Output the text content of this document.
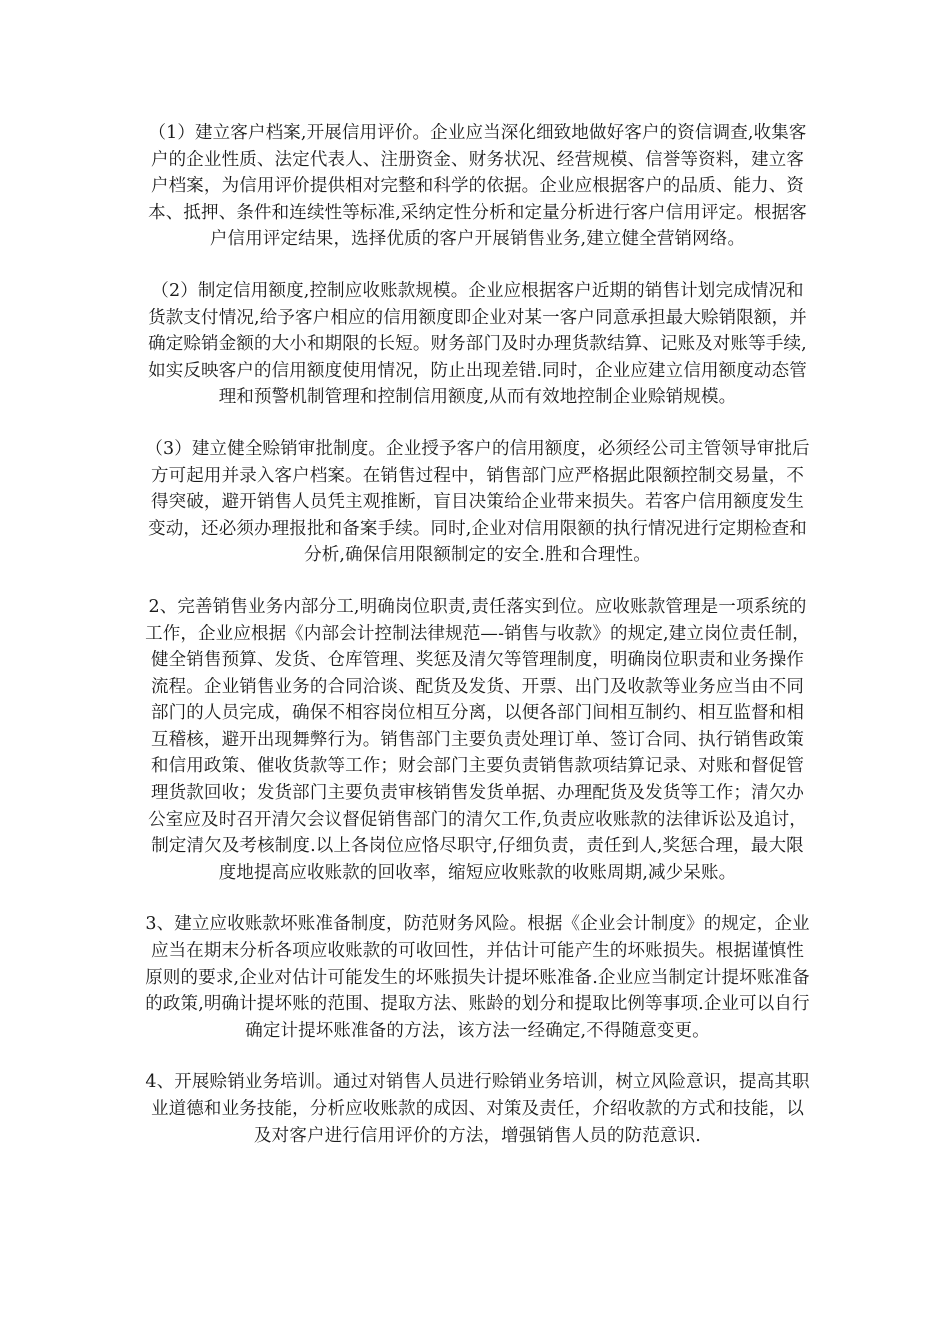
（1）建立客户档案,开展信用评价。企业应当深化细致地做好客户的资信调查,收集客户的企业性质、法定代表人、注册资金、财务状况、经营规模、信誉等资料，建立客户档案，为信用评价提供相对完整和科学的依据。企业应根据客户的品质、能力、资本、抵押、条件和连续性等标准,采纳定性分析和定量分析进行客户信用评定。根据客户信用评定结果，选择优质的客户开展销售业务,建立健全营销网络。

（2）制定信用额度,控制应收账款规模。企业应根据客户近期的销售计划完成情况和货款支付情况,给予客户相应的信用额度即企业对某一客户同意承担最大赊销限额，并确定赊销金额的大小和期限的长短。财务部门及时办理货款结算、记账及对账等手续,如实反映客户的信用额度使用情况，防止出现差错.同时，企业应建立信用额度动态管理和预警机制管理和控制信用额度,从而有效地控制企业赊销规模。

（3）建立健全赊销审批制度。企业授予客户的信用额度，必须经公司主管领导审批后方可起用并录入客户档案。在销售过程中，销售部门应严格据此限额控制交易量，不得突破，避开销售人员凭主观推断，盲目决策给企业带来损失。若客户信用额度发生变动，还必须办理报批和备案手续。同时,企业对信用限额的执行情况进行定期检查和分析,确保信用限额制定的安全.胜和合理性。

2、完善销售业务内部分工,明确岗位职责,责任落实到位。应收账款管理是一项系统的工作，企业应根据《内部会计控制法律规范—-销售与收款》的规定,建立岗位责任制，健全销售预算、发货、仓库管理、奖惩及清欠等管理制度，明确岗位职责和业务操作流程。企业销售业务的合同洽谈、配货及发货、开票、出门及收款等业务应当由不同部门的人员完成，确保不相容岗位相互分离，以便各部门间相互制约、相互监督和相互稽核，避开出现舞弊行为。销售部门主要负责处理订单、签订合同、执行销售政策和信用政策、催收货款等工作；财会部门主要负责销售款项结算记录、对账和督促管理货款回收；发货部门主要负责审核销售发货单据、办理配货及发货等工作；清欠办公室应及时召开清欠会议督促销售部门的清欠工作,负责应收账款的法律诉讼及追讨，制定清欠及考核制度.以上各岗位应恪尽职守,仔细负责，责任到人,奖惩合理，最大限度地提高应收账款的回收率，缩短应收账款的收账周期,减少呆账。

3、建立应收账款坏账准备制度，防范财务风险。根据《企业会计制度》的规定，企业应当在期末分析各项应收账款的可收回性，并估计可能产生的坏账损失。根据谨慎性原则的要求,企业对估计可能发生的坏账损失计提坏账准备.企业应当制定计提坏账准备的政策,明确计提坏账的范围、提取方法、账龄的划分和提取比例等事项.企业可以自行确定计提坏账准备的方法，该方法一经确定,不得随意变更。

4、开展赊销业务培训。通过对销售人员进行赊销业务培训，树立风险意识，提高其职业道德和业务技能，分析应收账款的成因、对策及责任，介绍收款的方式和技能，以及对客户进行信用评价的方法，增强销售人员的防范意识.
